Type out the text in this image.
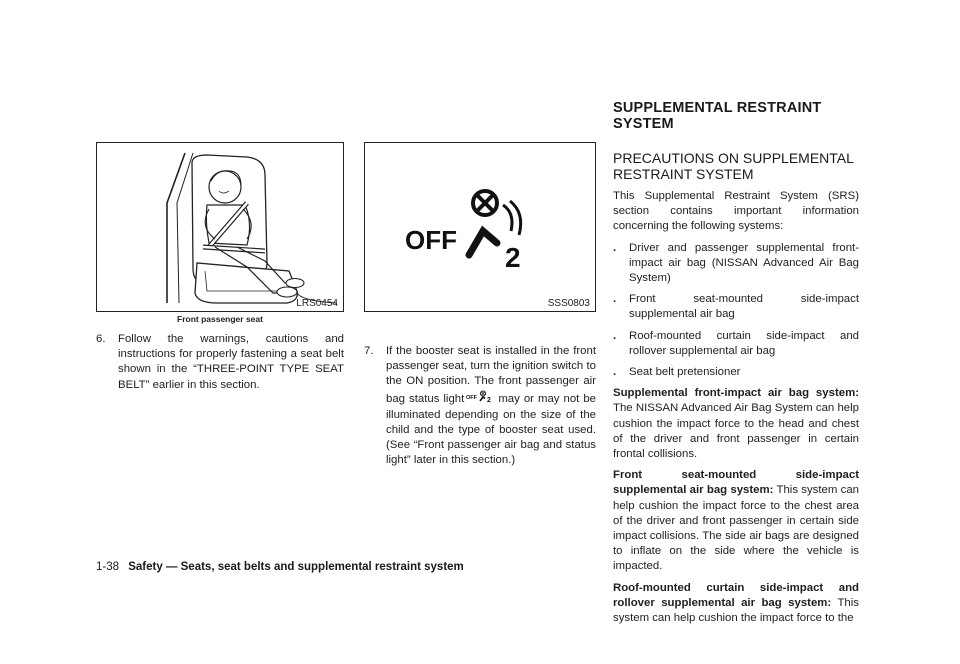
LRS0454
Front passenger seat
OFF
2
SSS0803
6.	Follow the warnings, cautions and instructions for properly fastening a seat belt shown in the “THREE-POINT TYPE SEAT BELT” earlier in this section.
7.	If the booster seat is installed in the front passenger seat, turn the ignition switch to the ON position. The front passenger air bag status light OFF 2 may or may not be illuminated depending on the size of the child and the type of booster seat used. (See “Front passenger air bag and status light” later in this section.)
SUPPLEMENTAL RESTRAINT SYSTEM
PRECAUTIONS ON SUPPLEMENTAL RESTRAINT SYSTEM
This Supplemental Restraint System (SRS) section contains important information concerning the following systems:
.	Driver and passenger supplemental front-impact air bag (NISSAN Advanced Air Bag System)
.	Front seat-mounted side-impact supplemental air bag
.	Roof-mounted curtain side-impact and rollover supplemental air bag
.	Seat belt pretensioner
Supplemental front-impact air bag system: The NISSAN Advanced Air Bag System can help cushion the impact force to the head and chest of the driver and front passenger in certain frontal collisions.
Front seat-mounted side-impact supplemental air bag system: This system can help cushion the impact force to the chest area of the driver and front passenger in certain side impact collisions. The side air bags are designed to inflate on the side where the vehicle is impacted.
Roof-mounted curtain side-impact and rollover supplemental air bag system: This system can help cushion the impact force to the
1-38 Safety — Seats, seat belts and supplemental restraint system
